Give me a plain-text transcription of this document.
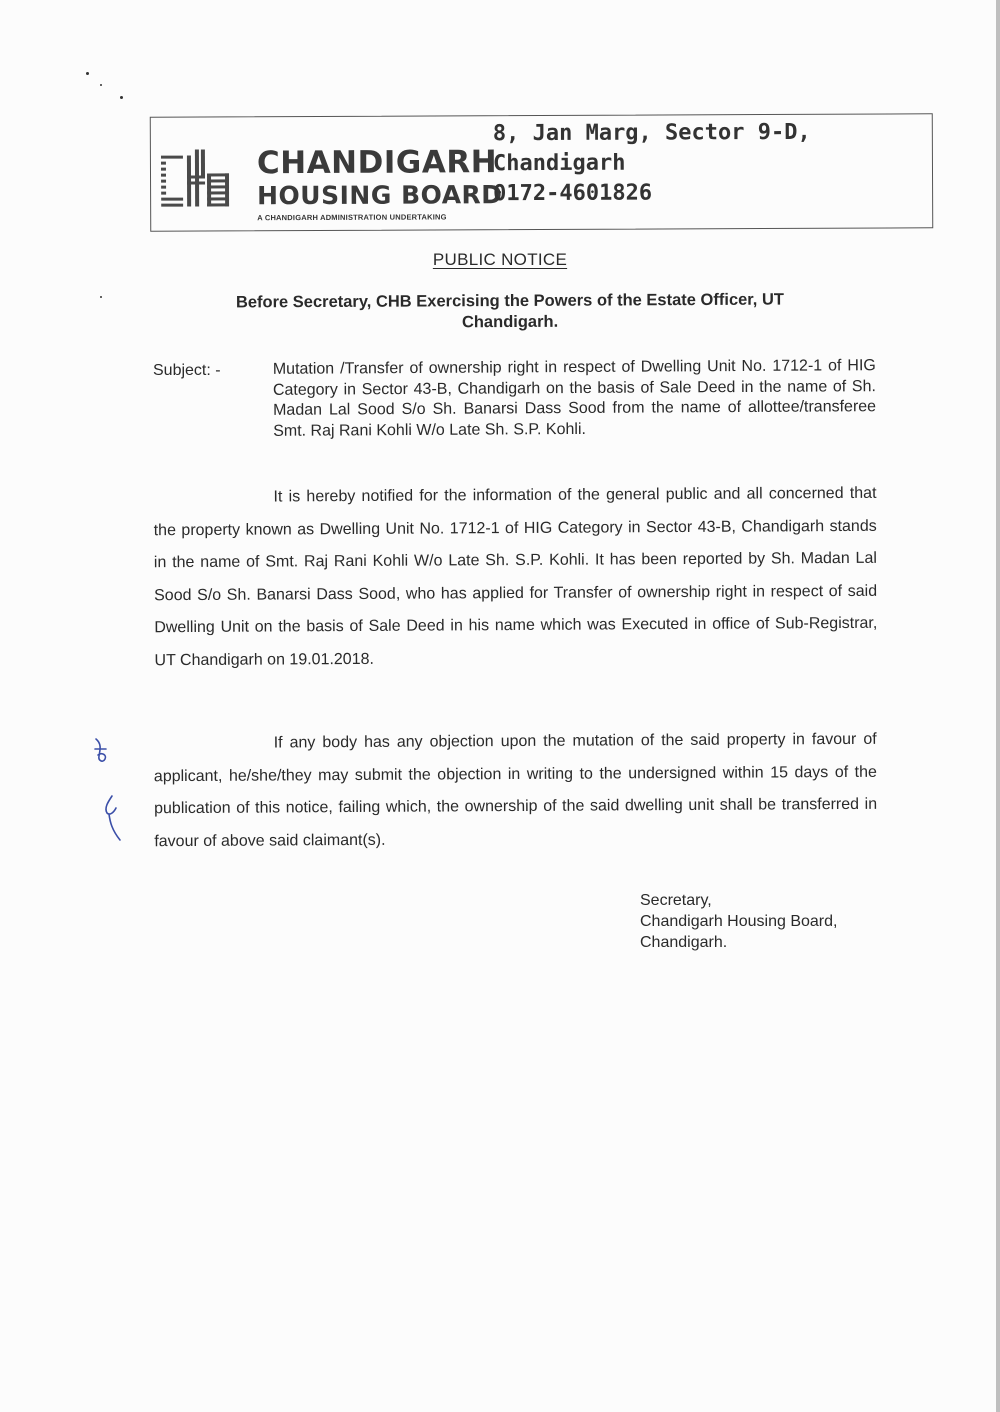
CHANDIGARH
HOUSING BOARD
A CHANDIGARH ADMINISTRATION UNDERTAKING
8, Jan Marg, Sector 9-D,
Chandigarh
0172-4601826
PUBLIC NOTICE
Before Secretary, CHB Exercising the Powers of the Estate Officer, UT Chandigarh.
Subject: -	Mutation /Transfer of ownership right in respect of Dwelling Unit No. 1712-1 of HIG Category in Sector 43-B, Chandigarh on the basis of Sale Deed in the name of Sh. Madan Lal Sood S/o Sh. Banarsi Dass Sood from the name of allottee/transferee Smt. Raj Rani Kohli W/o Late Sh. S.P. Kohli.
It is hereby notified for the information of the general public and all concerned that the property known as Dwelling Unit No. 1712-1 of HIG Category in Sector 43-B, Chandigarh stands in the name of Smt. Raj Rani Kohli W/o Late Sh. S.P. Kohli. It has been reported by Sh. Madan Lal Sood S/o Sh. Banarsi Dass Sood, who has applied for Transfer of ownership right in respect of said Dwelling Unit on the basis of Sale Deed in his name which was Executed in office of Sub-Registrar, UT Chandigarh on 19.01.2018.
If any body has any objection upon the mutation of the said property in favour of applicant, he/she/they may submit the objection in writing to the undersigned within 15 days of the publication of this notice, failing which, the ownership of the said dwelling unit shall be transferred in favour of above said claimant(s).
Secretary,
Chandigarh Housing Board,
Chandigarh.
